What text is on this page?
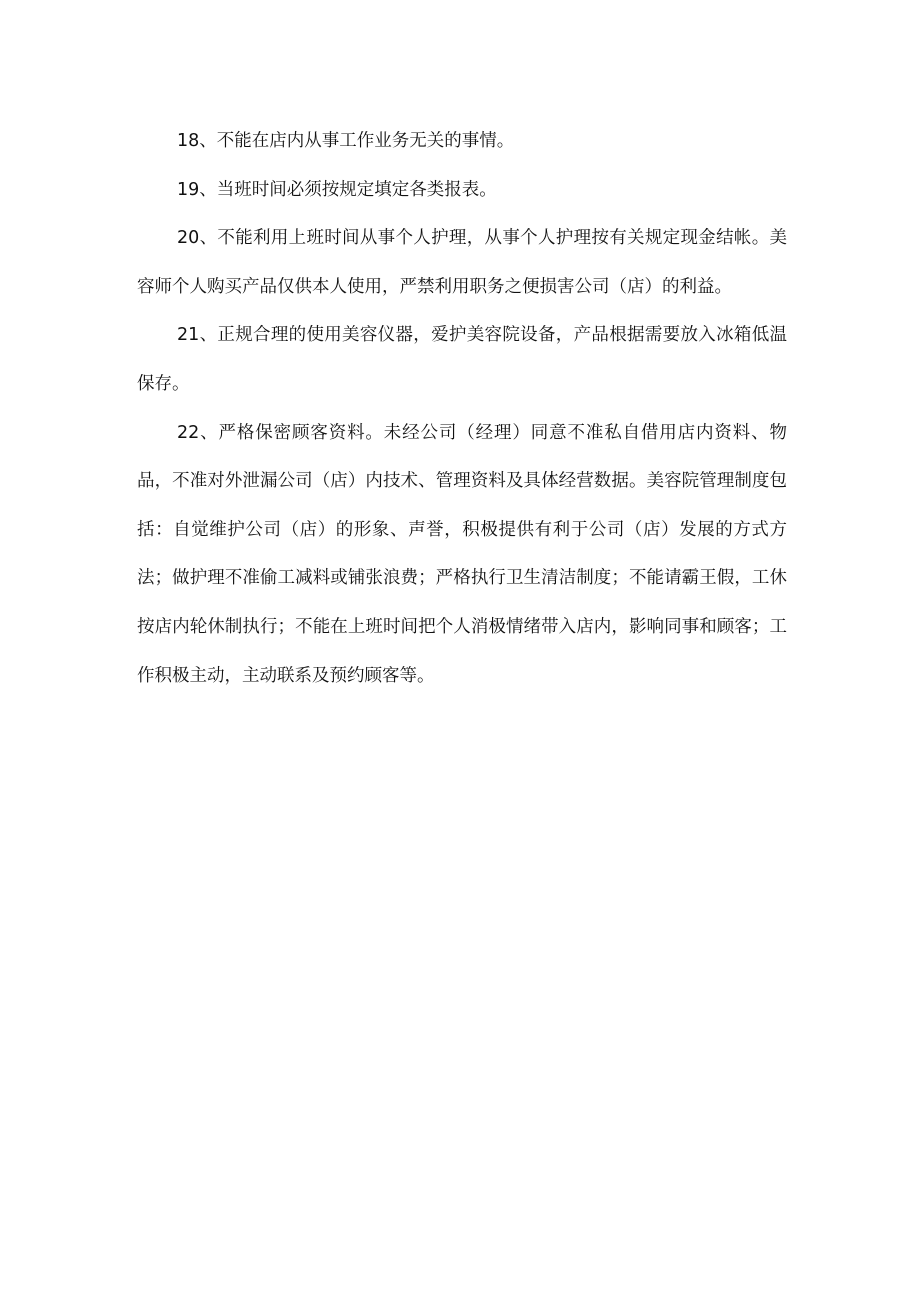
18、不能在店内从事工作业务无关的事情。

19、当班时间必须按规定填定各类报表。

20、不能利用上班时间从事个人护理，从事个人护理按有关规定现金结帐。美容师个人购买产品仅供本人使用，严禁利用职务之便损害公司（店）的利益。

21、正规合理的使用美容仪器，爱护美容院设备，产品根据需要放入冰箱低温保存。

22、严格保密顾客资料。未经公司（经理）同意不准私自借用店内资料、物品，不准对外泄漏公司（店）内技术、管理资料及具体经营数据。美容院管理制度包括：自觉维护公司（店）的形象、声誉，积极提供有利于公司（店）发展的方式方法；做护理不准偷工减料或铺张浪费；严格执行卫生清洁制度；不能请霸王假，工休按店内轮休制执行；不能在上班时间把个人消极情绪带入店内，影响同事和顾客；工作积极主动，主动联系及预约顾客等。
